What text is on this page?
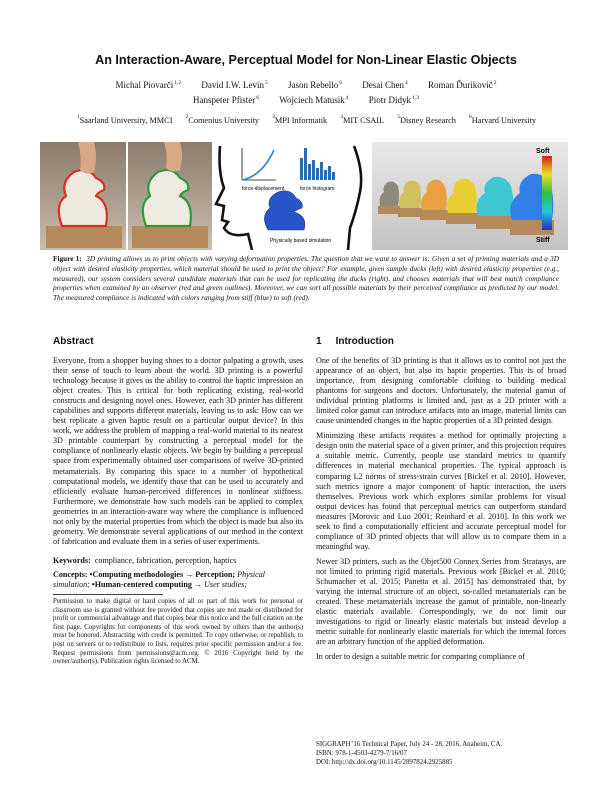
An Interaction-Aware, Perceptual Model for Non-Linear Elastic Objects
Michal Piovarči$^{1,2}$ David I.W. Levin$^5$ Jason Rebello$^6$ Desai Chen$^4$ Roman Ďurikovič$^2$
Hanspeter Pfister$^6$ Wojciech Matusik$^4$ Piotr Didyk$^{1,3}$
$^1$Saarland University, MMCI $^2$Comenius University $^3$MPI Informatik $^4$MIT CSAIL $^5$Disney Research $^6$Harvard University
force-displacement	force histogram
Physically based simulation
Soft
Stiff

Figure 1: 3D printing allows us to print objects with varying deformation properties. The question that we want to answer is: Given a set of printing materials and a 3D object with desired elasticity properties, which material should be used to print the object? For example, given sample ducks (left) with desired elasticity properties (e.g., measured), our system considers several candidate materials that can be used for replicating the ducks (right), and chooses materials that will best match compliance properties when examined by an observer (red and green outlines). Moreover, we can sort all possible materials by their perceived compliance as predicted by our model. The measured compliance is indicated with colors ranging from stiff (blue) to soft (red).

Abstract

Everyone, from a shopper buying shoes to a doctor palpating a growth, uses their sense of touch to learn about the world. 3D printing is a powerful technology because it gives us the ability to control the haptic impression an object creates. This is critical for both replicating existing, real-world constructs and designing novel ones. However, each 3D printer has different capabilities and supports different materials, leaving us to ask: How can we best replicate a given haptic result on a particular output device? In this work, we address the problem of mapping a real-world material to its nearest 3D printable counterpart by constructing a perceptual model for the compliance of nonlinearly elastic objects. We begin by building a perceptual space from experimentally obtained user comparisons of twelve 3D-printed metamaterials. By comparing this space to a number of hypothetical computational models, we identify those that can be used to accurately and efficiently evaluate human-perceived differences in nonlinear stiffness. Furthermore, we demonstrate how such models can be applied to complex geometries in an interaction-aware way where the compliance is influenced not only by the material properties from which the object is made but also its geometry. We demonstrate several applications of our method in the context of fabrication and evaluate them in a series of user experiments.

Keywords: compliance, fabrication, perception, haptics

Concepts: •Computing methodologies → Perception; Physical simulation; •Human-centered computing → User studies;

Permission to make digital or hard copies of all or part of this work for personal or classroom use is granted without fee provided that copies are not made or distributed for profit or commercial advantage and that copies bear this notice and the full citation on the first page. Copyrights for components of this work owned by others than the author(s) must be honored. Abstracting with credit is permitted. To copy otherwise, or republish, to post on servers or to redistribute to lists, requires prior specific permission and/or a fee. Request permissions from permissions@acm.org. © 2016 Copyright held by the owner/author(s). Publication rights licensed to ACM.

1 Introduction

One of the benefits of 3D printing is that it allows us to control not just the appearance of an object, but also its haptic properties. This is of broad importance, from designing comfortable clothing to building medical phantoms for surgeons and doctors. Unfortunately, the material gamut of individual printing platforms is limited and, just as a 2D printer with a limited color gamut can introduce artifacts into an image, material limits can cause unintended changes in the haptic properties of a 3D printed design.

Minimizing these artifacts requires a method for optimally projecting a design onto the material space of a given printer, and this projection requires a suitable metric. Currently, people use standard metrics to quantify differences in material mechanical properties. The typical approach is comparing L2 norms of stress-strain curves [Bickel et al. 2010]. However, such metrics ignore a major component of haptic interaction, the users themselves. Previous work which explores similar problems for visual output devices has found that perceptual metrics can outperform standard measures [Morovic and Luo 2001; Reinhard et al. 2010]. In this work we seek to find a computationally efficient and accurate perceptual model for compliance of 3D printed objects that will allow us to compare them in a meaningful way.

Newer 3D printers, such as the Objet500 Connex Series from Stratasys, are not limited to printing rigid materials. Previous work [Bickel et al. 2010; Schumacher et al. 2015; Panetta et al. 2015] has demonstrated that, by varying the internal structure of an object, so-called metamaterials can be created. These metamaterials increase the gamut of printable, non-linearly elastic materials available. Correspondingly, we do not limit our investigations to rigid or linearly elastic materials but instead develop a metric suitable for nonlinearly elastic materials for which the internal forces are an arbitrary function of the applied deformation.

In order to design a suitable metric for comparing compliance of

SIGGRAPH '16 Technical Paper, July 24 - 28, 2016, Anaheim, CA.
ISBN: 978-1-4503-4279-7/16/07
DOI: http://dx.doi.org/10.1145/2897824.2925885
